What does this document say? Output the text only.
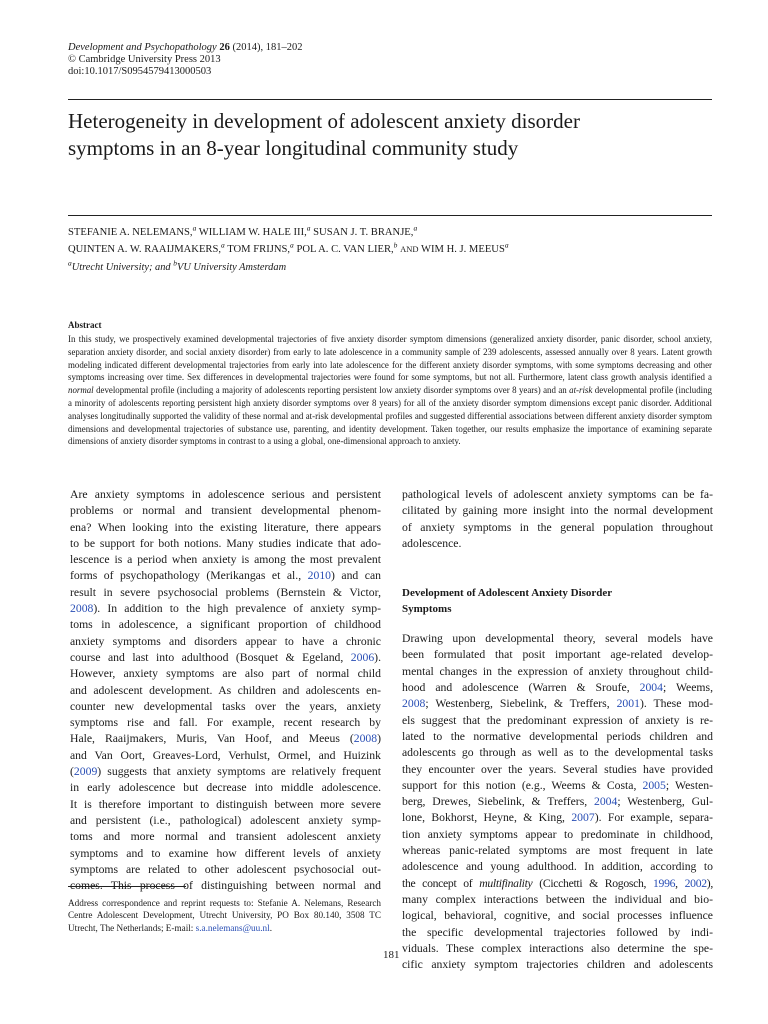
Development and Psychopathology 26 (2014), 181–202
© Cambridge University Press 2013
doi:10.1017/S0954579413000503
Heterogeneity in development of adolescent anxiety disorder
symptoms in an 8-year longitudinal community study
STEFANIE A. NELEMANS,$^a$ WILLIAM W. HALE III,$^a$ SUSAN J. T. BRANJE,$^a$
QUINTEN A. W. RAAIJMAKERS,$^a$ TOM FRIJNS,$^a$ POL A. C. VAN LIER,$^b$ AND WIM H. J. MEEUS$^a$
$^a$Utrecht University; and $^b$VU University Amsterdam
Abstract
In this study, we prospectively examined developmental trajectories of five anxiety disorder symptom dimensions (generalized anxiety disorder, panic disorder, school anxiety, separation anxiety disorder, and social anxiety disorder) from early to late adolescence in a community sample of 239 adolescents, assessed annually over 8 years. Latent growth modeling indicated different developmental trajectories from early into late adolescence for the different anxiety disorder symptoms, with some symptoms decreasing and other symptoms increasing over time. Sex differences in developmental trajectories were found for some symptoms, but not all. Furthermore, latent class growth analysis identified a normal developmental profile (including a majority of adolescents reporting persistent low anxiety disorder symptoms over 8 years) and an at-risk developmental profile (including a minority of adolescents reporting persistent high anxiety disorder symptoms over 8 years) for all of the anxiety disorder symptom dimensions except panic disorder. Additional analyses longitudinally supported the validity of these normal and at-risk developmental profiles and suggested differential associations between different anxiety disorder symptom dimensions and developmental trajectories of substance use, parenting, and identity development. Taken together, our results emphasize the importance of examining separate dimensions of anxiety disorder symptoms in contrast to a using a global, one-dimensional approach to anxiety.
Are anxiety symptoms in adolescence serious and persistent
problems or normal and transient developmental phenom-
ena? When looking into the existing literature, there appears
to be support for both notions. Many studies indicate that ado-
lescence is a period when anxiety is among the most prevalent
forms of psychopathology (Merikangas et al., 2010) and can
result in severe psychosocial problems (Bernstein & Victor,
2008). In addition to the high prevalence of anxiety symp-
toms in adolescence, a significant proportion of childhood
anxiety symptoms and disorders appear to have a chronic
course and last into adulthood (Bosquet & Egeland, 2006).
However, anxiety symptoms are also part of normal child
and adolescent development. As children and adolescents en-
counter new developmental tasks over the years, anxiety
symptoms rise and fall. For example, recent research by
Hale, Raaijmakers, Muris, Van Hoof, and Meeus (2008)
and Van Oort, Greaves-Lord, Verhulst, Ormel, and Huizink
(2009) suggests that anxiety symptoms are relatively frequent
in early adolescence but decrease into middle adolescence.
It is therefore important to distinguish between more severe
and persistent (i.e., pathological) adolescent anxiety symp-
toms and more normal and transient adolescent anxiety
symptoms and to examine how different levels of anxiety
symptoms are related to other adolescent psychosocial out-
comes. This process of distinguishing between normal and
pathological levels of adolescent anxiety symptoms can be fa-
cilitated by gaining more insight into the normal development
of anxiety symptoms in the general population throughout
adolescence.
Development of Adolescent Anxiety Disorder
Symptoms
Drawing upon developmental theory, several models have
been formulated that posit important age-related develop-
mental changes in the expression of anxiety throughout child-
hood and adolescence (Warren & Sroufe, 2004; Weems,
2008; Westenberg, Siebelink, & Treffers, 2001). These mod-
els suggest that the predominant expression of anxiety is re-
lated to the normative developmental periods children and
adolescents go through as well as to the developmental tasks
they encounter over the years. Several studies have provided
support for this notion (e.g., Weems & Costa, 2005; Westen-
berg, Drewes, Siebelink, & Treffers, 2004; Westenberg, Gul-
lone, Bokhorst, Heyne, & King, 2007). For example, separa-
tion anxiety symptoms appear to predominate in childhood,
whereas panic-related symptoms are most frequent in late
adolescence and young adulthood. In addition, according to
the concept of multifinality (Cicchetti & Rogosch, 1996, 2002),
many complex interactions between the individual and bio-
logical, behavioral, cognitive, and social processes influence
the specific developmental trajectories followed by indi-
viduals. These complex interactions also determine the spe-
cific anxiety symptom trajectories children and adolescents
Address correspondence and reprint requests to: Stefanie A. Nelemans, Research Centre Adolescent Development, Utrecht University, PO Box 80.140, 3508 TC Utrecht, The Netherlands; E-mail: s.a.nelemans@uu.nl.
181
